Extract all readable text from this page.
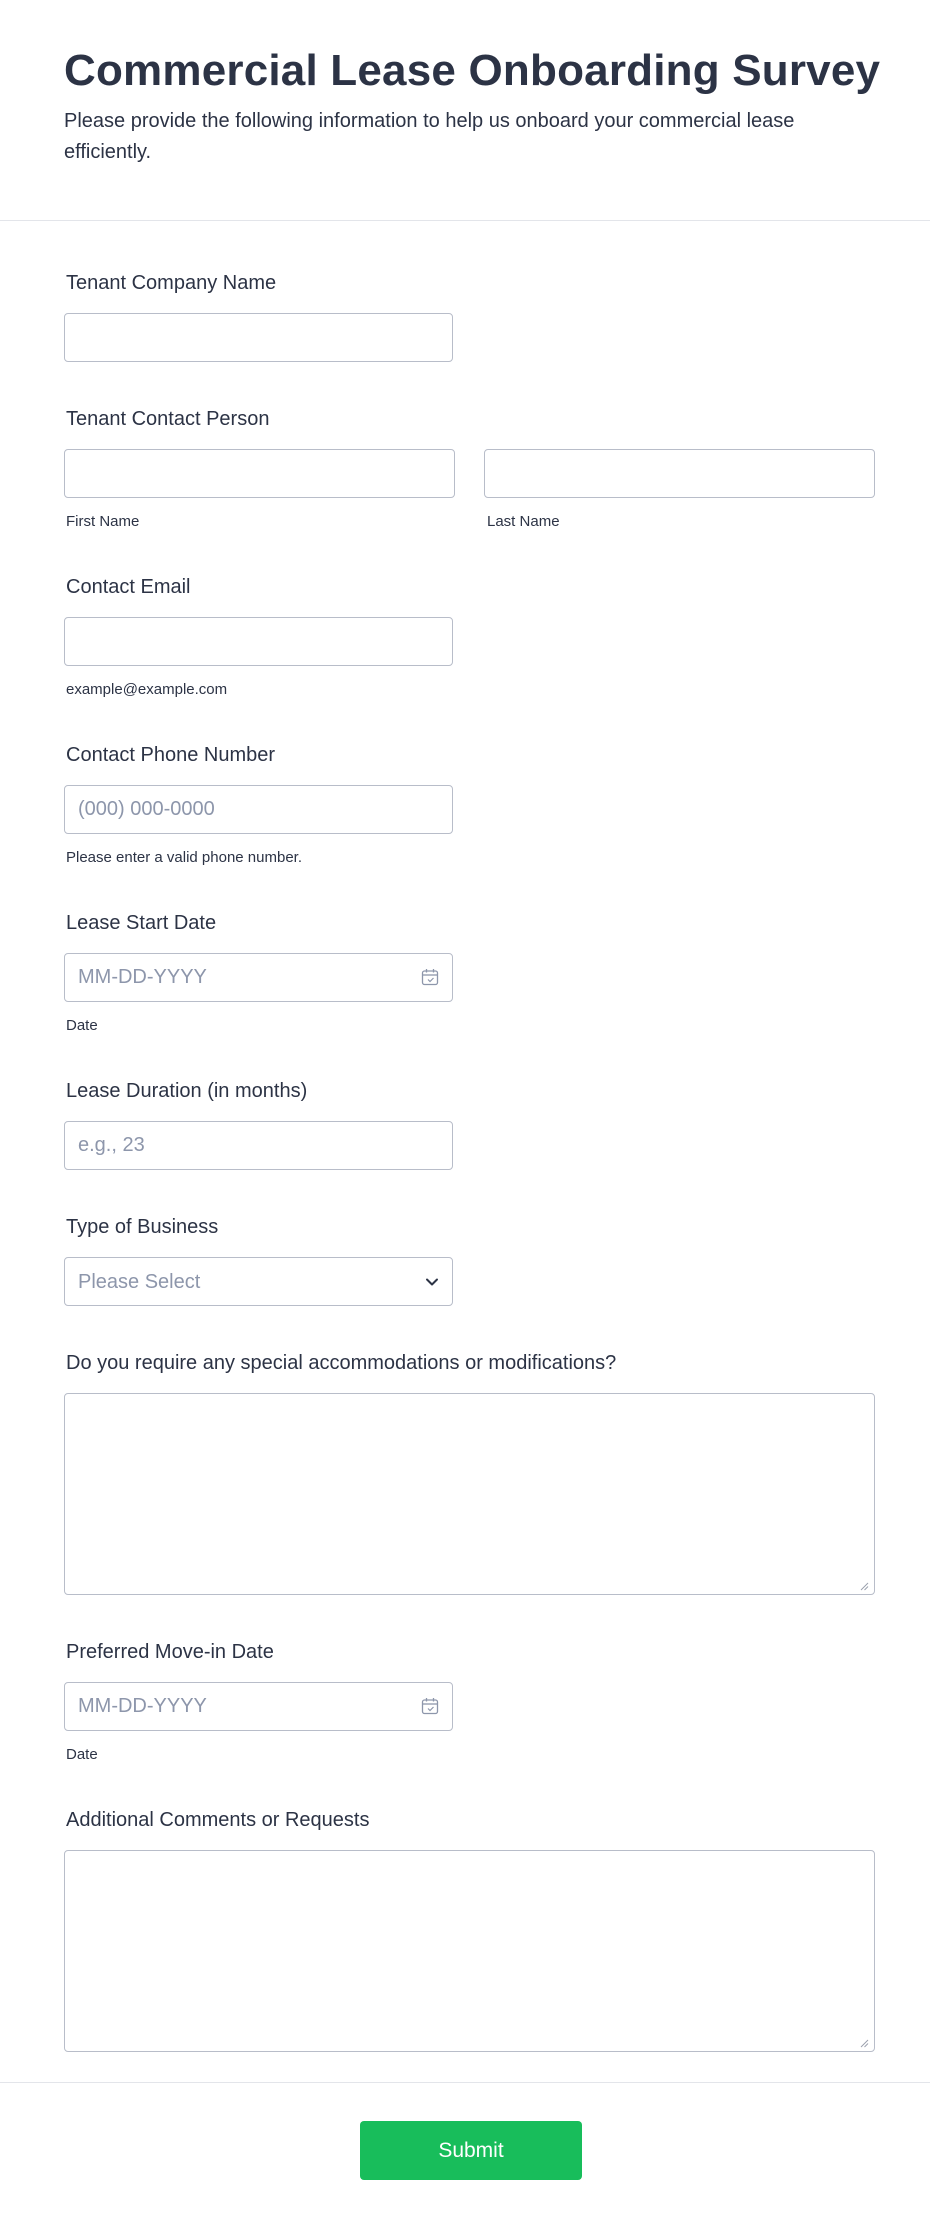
Commercial Lease Onboarding Survey
Please provide the following information to help us onboard your commercial lease efficiently.
Tenant Company Name
Tenant Contact Person
First Name	Last Name
Contact Email
example@example.com
Contact Phone Number
(000) 000-0000
Please enter a valid phone number.
Lease Start Date
MM-DD-YYYY
Date
Lease Duration (in months)
e.g., 23
Type of Business
Please Select
Do you require any special accommodations or modifications?
Preferred Move-in Date
MM-DD-YYYY
Date
Additional Comments or Requests
Submit
